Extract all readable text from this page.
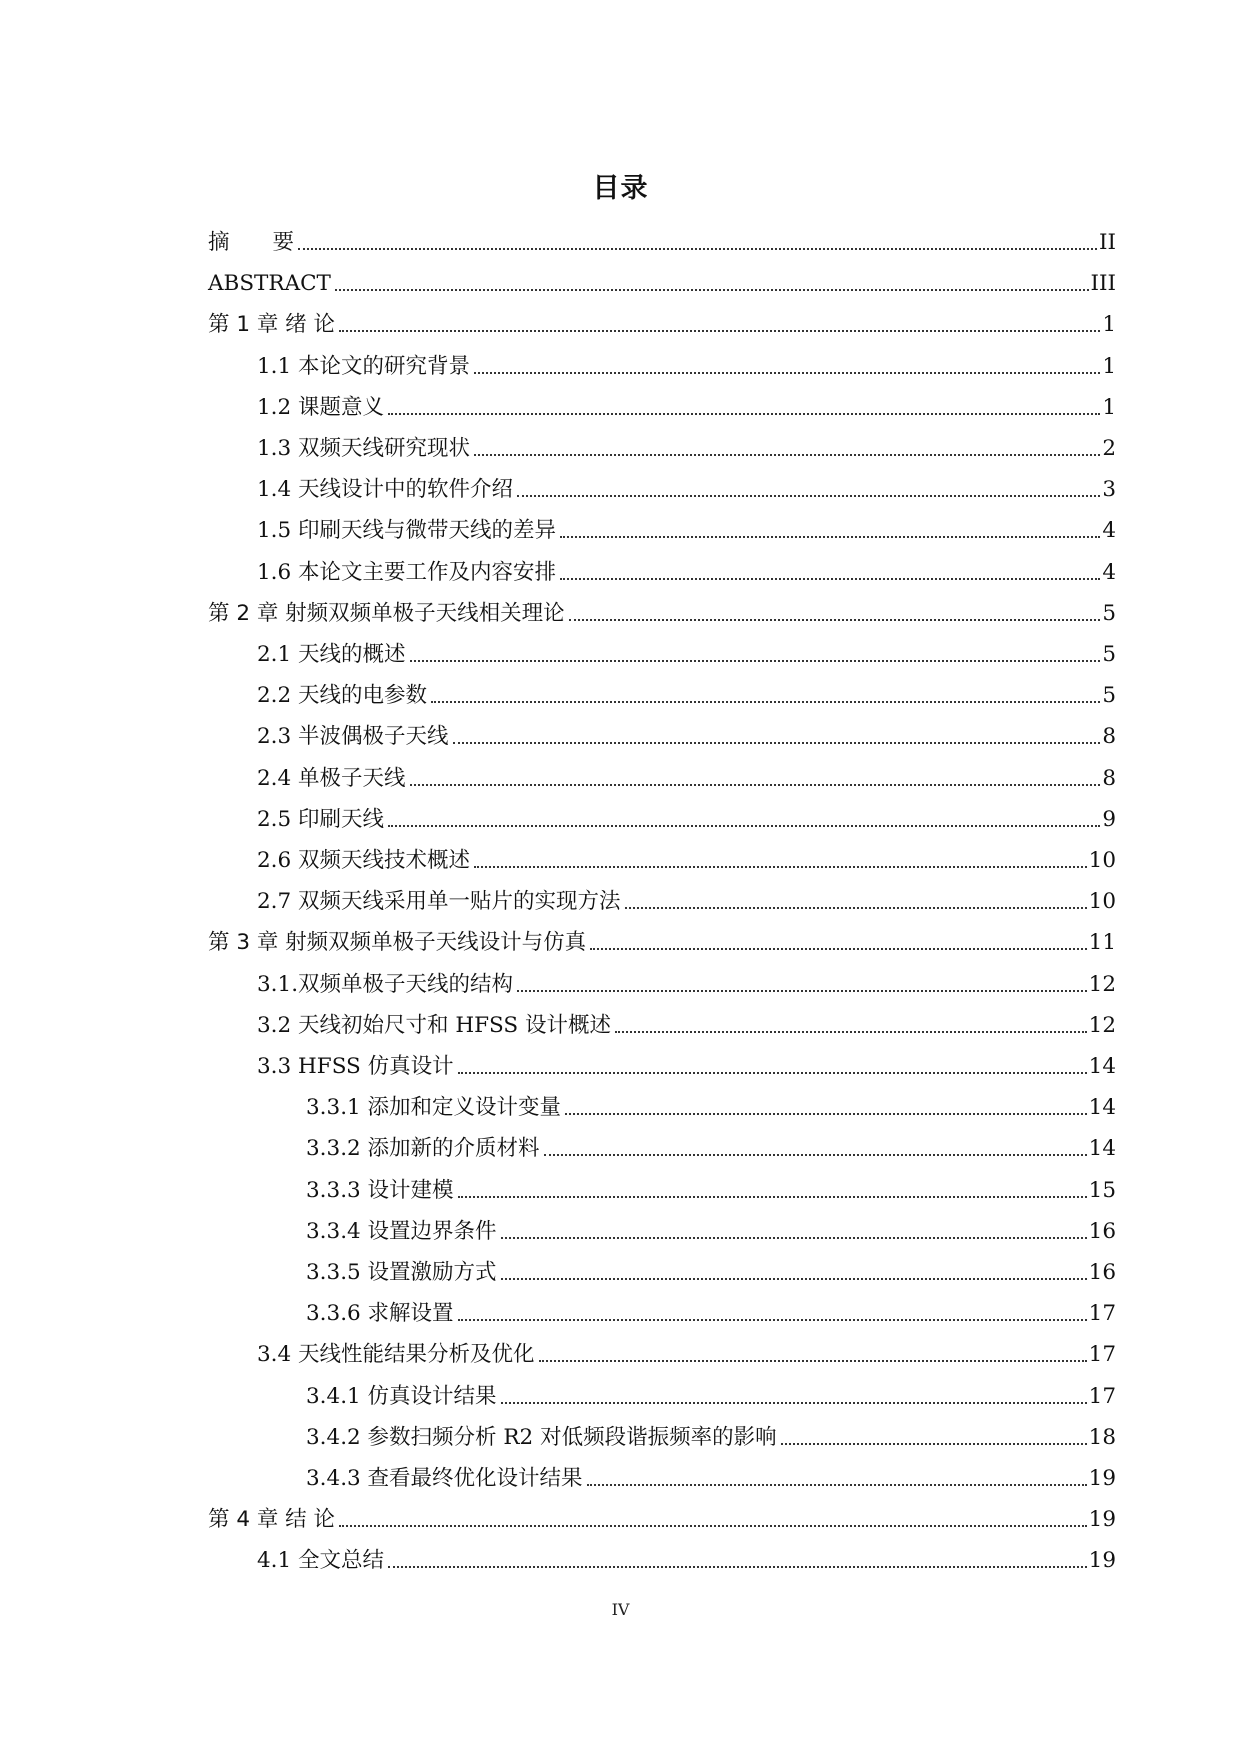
目录
摘　　要	II
ABSTRACT	III
第 1 章 绪 论	1
1.1 本论文的研究背景	1
1.2 课题意义	1
1.3 双频天线研究现状	2
1.4 天线设计中的软件介绍	3
1.5 印刷天线与微带天线的差异	4
1.6 本论文主要工作及内容安排	4
第 2 章 射频双频单极子天线相关理论	5
2.1 天线的概述	5
2.2 天线的电参数	5
2.3 半波偶极子天线	8
2.4 单极子天线	8
2.5 印刷天线	9
2.6 双频天线技术概述	10
2.7 双频天线采用单一贴片的实现方法	10
第 3 章 射频双频单极子天线设计与仿真	11
3.1.双频单极子天线的结构	12
3.2 天线初始尺寸和 HFSS 设计概述	12
3.3 HFSS 仿真设计	14
3.3.1 添加和定义设计变量	14
3.3.2 添加新的介质材料	14
3.3.3 设计建模	15
3.3.4 设置边界条件	16
3.3.5 设置激励方式	16
3.3.6 求解设置	17
3.4 天线性能结果分析及优化	17
3.4.1 仿真设计结果	17
3.4.2 参数扫频分析 R2 对低频段谐振频率的影响	18
3.4.3 查看最终优化设计结果	19
第 4 章 结 论	19
4.1 全文总结	19
IV
